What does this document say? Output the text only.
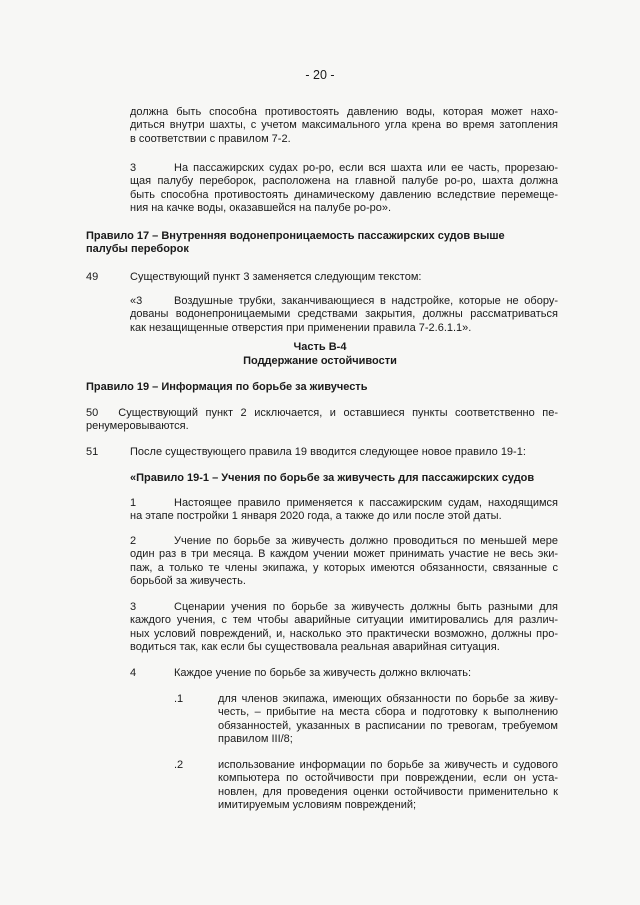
- 20 -
должна быть способна противостоять давлению воды, которая может нахо-
диться внутри шахты, с учетом максимального угла крена во время затопления
в соответствии с правилом 7-2.
3	На пассажирских судах ро-ро, если вся шахта или ее часть, прорезаю-
щая палубу переборок, расположена на главной палубе ро-ро, шахта должна
быть способна противостоять динамическому давлению вследствие перемеще-
ния на качке воды, оказавшейся на палубе ро-ро».
Правило 17 – Внутренняя водонепроницаемость пассажирских судов выше
палубы переборок
49	Существующий пункт 3 заменяется следующим текстом:
«3	Воздушные трубки, заканчивающиеся в надстройке, которые не обору-
дованы водонепроницаемыми средствами закрытия, должны рассматриваться
как незащищенные отверстия при применении правила 7-2.6.1.1».
Часть B-4
Поддержание остойчивости
Правило 19 – Информация по борьбе за живучесть
50 Существующий пункт 2 исключается, и оставшиеся пункты соответственно пе-
ренумеровываются.
51	После существующего правила 19 вводится следующее новое правило 19-1:
«Правило 19-1 – Учения по борьбе за живучесть для пассажирских судов
1	Настоящее правило применяется к пассажирским судам, находящимся
на этапе постройки 1 января 2020 года, а также до или после этой даты.
2	Учение по борьбе за живучесть должно проводиться по меньшей мере
один раз в три месяца. В каждом учении может принимать участие не весь эки-
паж, а только те члены экипажа, у которых имеются обязанности, связанные с
борьбой за живучесть.
3	Сценарии учения по борьбе за живучесть должны быть разными для
каждого учения, с тем чтобы аварийные ситуации имитировались для различ-
ных условий повреждений, и, насколько это практически возможно, должны про-
водиться так, как если бы существовала реальная аварийная ситуация.
4	Каждое учение по борьбе за живучесть должно включать:
.1	для членов экипажа, имеющих обязанности по борьбе за живу-
честь, – прибытие на места сбора и подготовку к выполнению
обязанностей, указанных в расписании по тревогам, требуемом
правилом III/8;
.2	использование информации по борьбе за живучесть и судового
компьютера по остойчивости при повреждении, если он уста-
новлен, для проведения оценки остойчивости применительно к
имитируемым условиям повреждений;
